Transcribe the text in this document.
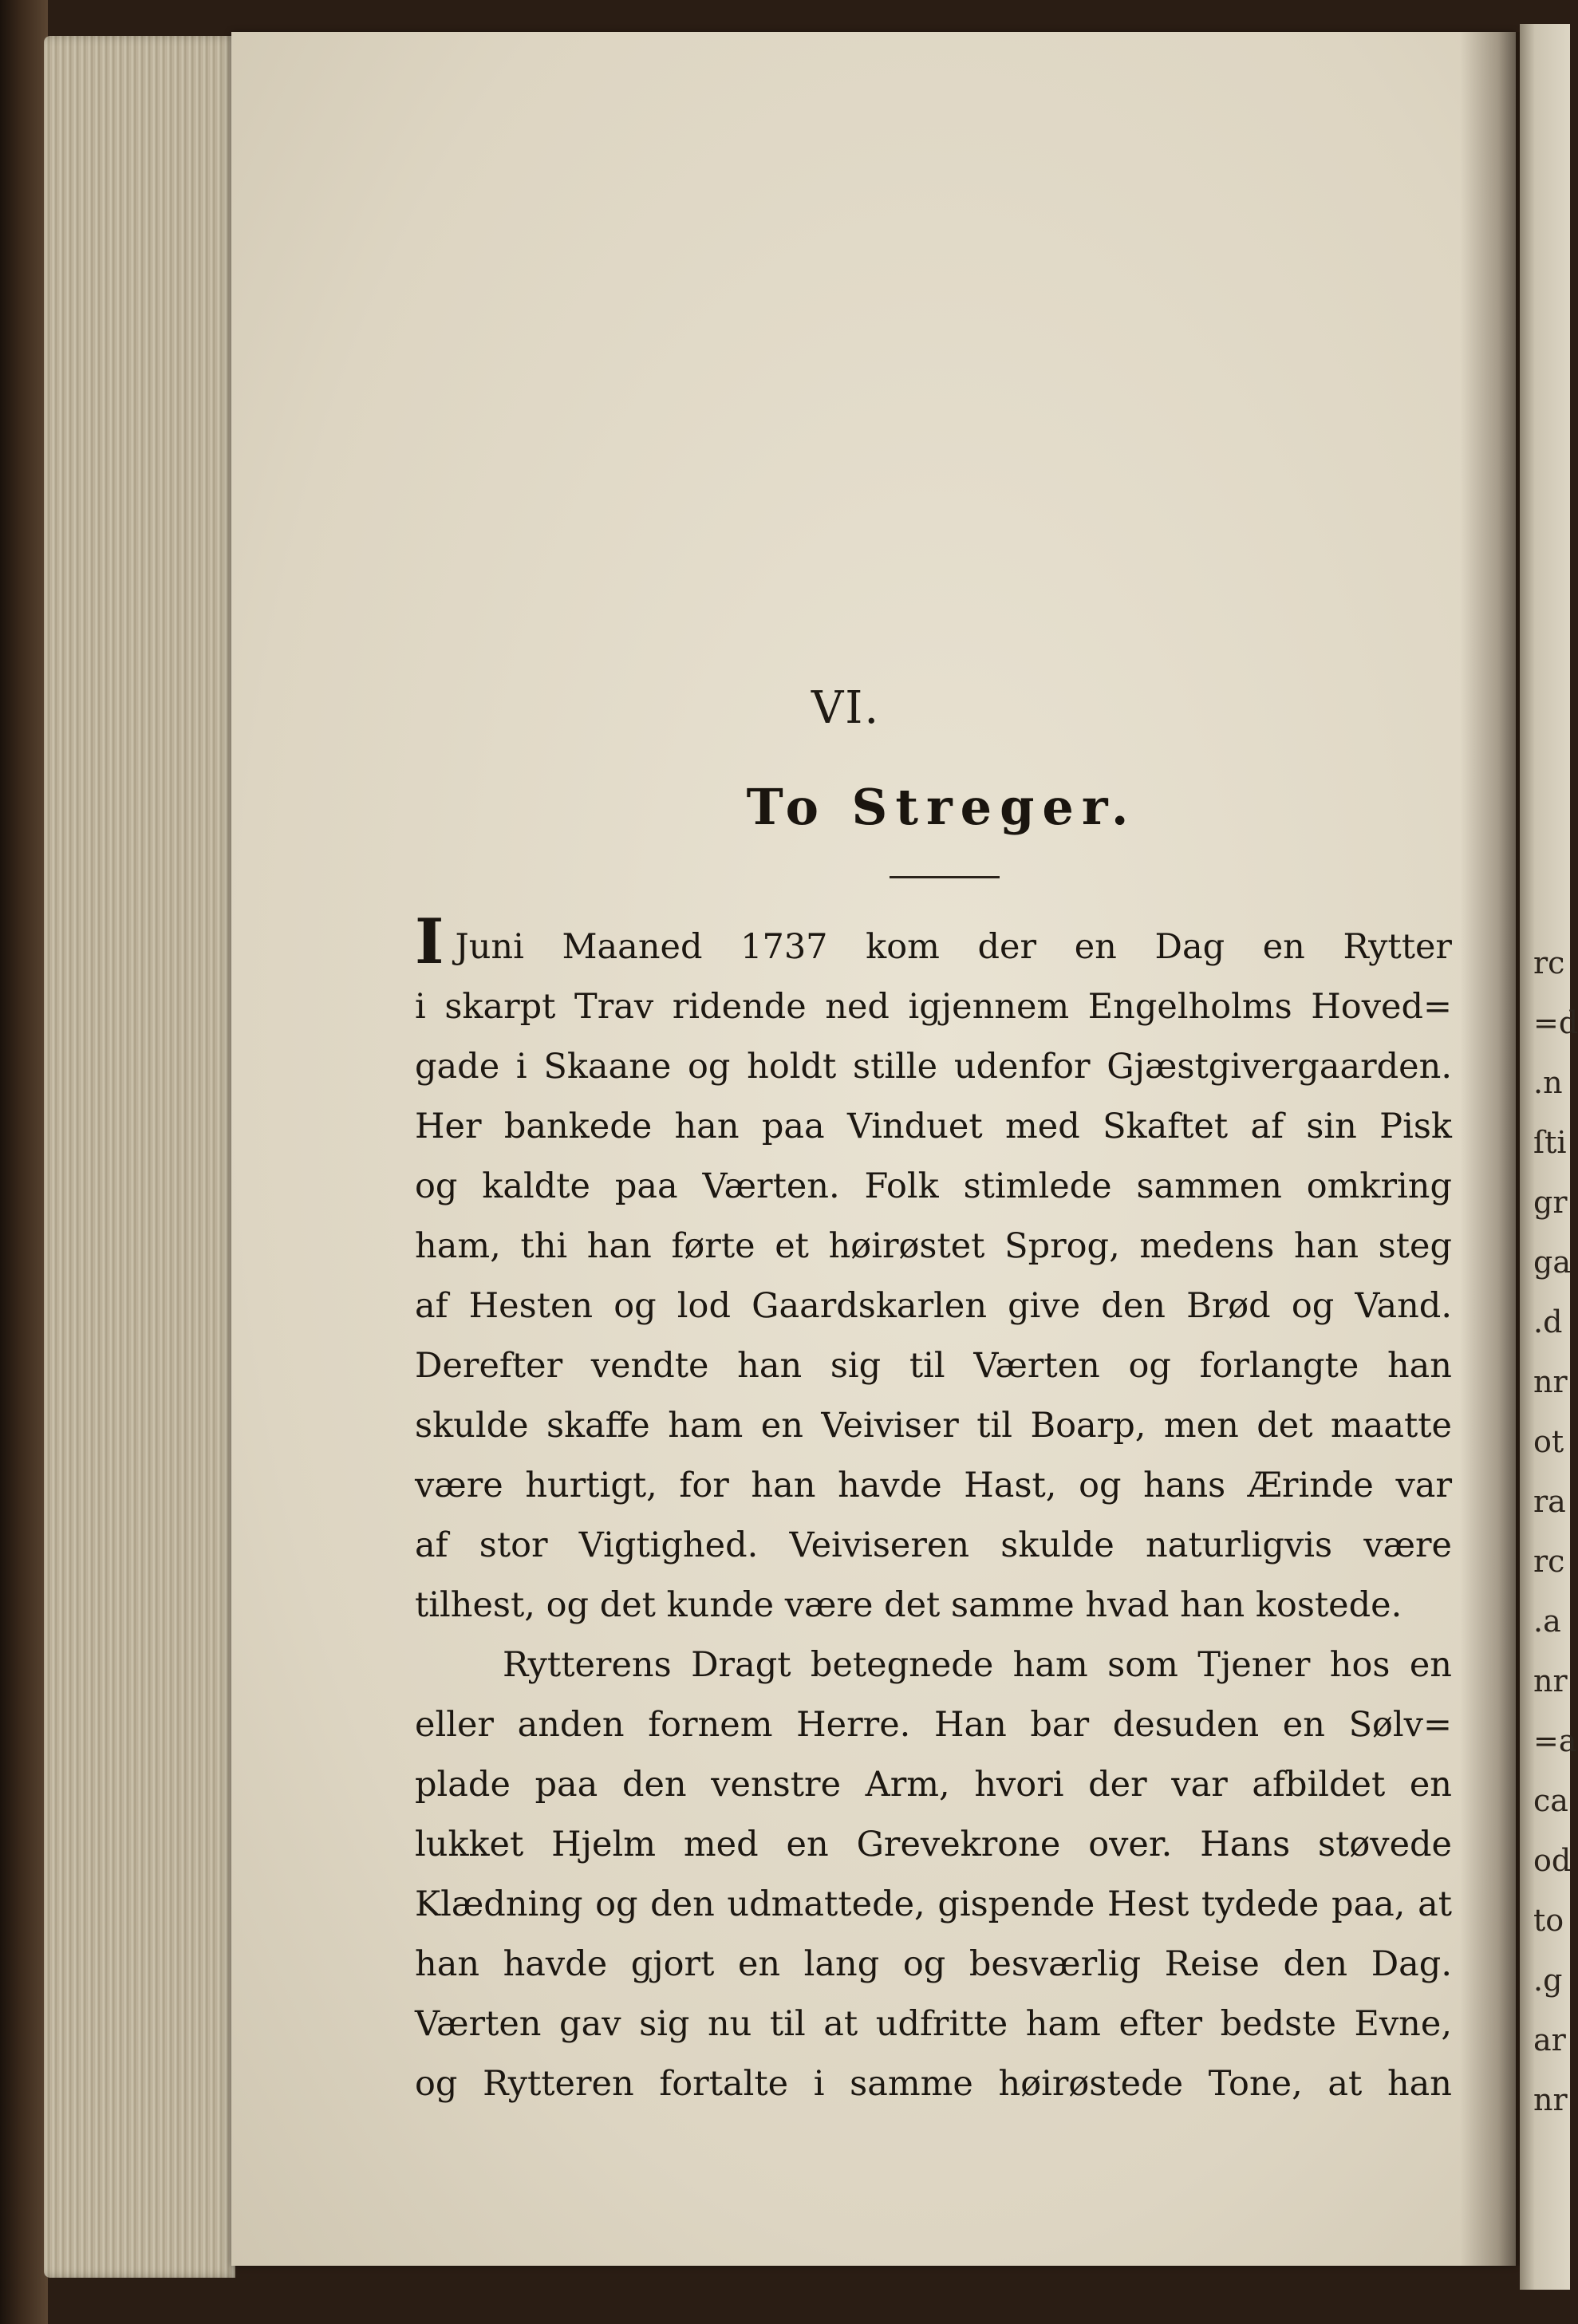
rc
=d
.n
ſti
gr
ga
.d
nr
ot
ra
rc
.a
nr
=a
ca
od
to
.g
ar
nr
VI.
To Streger.
I Juni Maaned 1737 kom der en Dag en Rytter
i skarpt Trav ridende ned igjennem Engelholms Hoved=
gade i Skaane og holdt stille udenfor Gjæstgivergaarden.
Her bankede han paa Vinduet med Skaftet af sin Pisk
og kaldte paa Værten. Folk stimlede sammen omkring
ham, thi han førte et høirøstet Sprog, medens han steg
af Hesten og lod Gaardskarlen give den Brød og Vand.
Derefter vendte han sig til Værten og forlangte han
skulde skaffe ham en Veiviser til Boarp, men det maatte
være hurtigt, for han havde Hast, og hans Ærinde var
af stor Vigtighed. Veiviseren skulde naturligvis være
tilhest, og det kunde være det samme hvad han kostede.
Rytterens Dragt betegnede ham som Tjener hos en
eller anden fornem Herre. Han bar desuden en Sølv=
plade paa den venstre Arm, hvori der var afbildet en
lukket Hjelm med en Grevekrone over. Hans støvede
Klædning og den udmattede, gispende Hest tydede paa, at
han havde gjort en lang og besværlig Reise den Dag.
Værten gav sig nu til at udfritte ham efter bedste Evne,
og Rytteren fortalte i samme høirøstede Tone, at han
